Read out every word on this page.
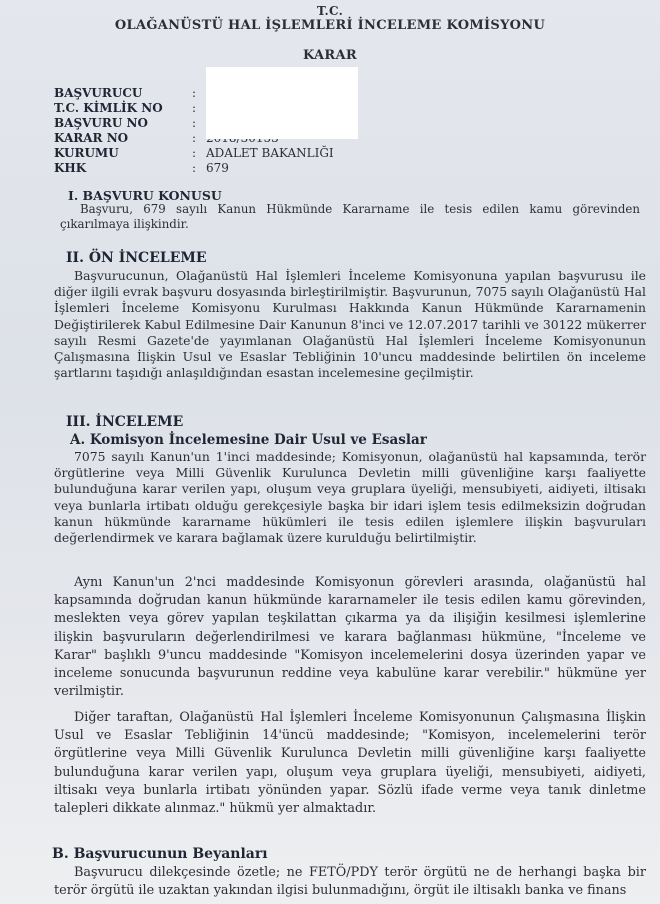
T.C.
OLAĞANÜSTÜ HAL İŞLEMLERİ İNCELEME KOMİSYONU
KARAR
BAŞVURUCU	:
T.C. KİMLİK NO	:
BAŞVURU NO	:
KARAR NO	:
KURUMU	: ADALET BAKANLIĞI
KHK	: 679
I. BAŞVURU KONUSU

Başvuru, 679 sayılı Kanun Hükmünde Kararname ile tesis edilen kamu görevinden çıkarılmaya ilişkindir.

II. ÖN İNCELEME

Başvurucunun, Olağanüstü Hal İşlemleri İnceleme Komisyonuna yapılan başvurusu ile diğer ilgili evrak başvuru dosyasında birleştirilmiştir. Başvurunun, 7075 sayılı Olağanüstü Hal İşlemleri İnceleme Komisyonu Kurulması Hakkında Kanun Hükmünde Kararnamenin Değiştirilerek Kabul Edilmesine Dair Kanunun 8'inci ve 12.07.2017 tarihli ve 30122 mükerrer sayılı Resmi Gazete'de yayımlanan Olağanüstü Hal İşlemleri İnceleme Komisyonunun Çalışmasına İlişkin Usul ve Esaslar Tebliğinin 10'uncu maddesinde belirtilen ön inceleme şartlarını taşıdığı anlaşıldığından esastan incelemesine geçilmiştir.

III. İNCELEME
A. Komisyon İncelemesine Dair Usul ve Esaslar

7075 sayılı Kanun'un 1'inci maddesinde; Komisyonun, olağanüstü hal kapsamında, terör örgütlerine veya Milli Güvenlik Kurulunca Devletin milli güvenliğine karşı faaliyette bulunduğuna karar verilen yapı, oluşum veya gruplara üyeliği, mensubiyeti, aidiyeti, iltisakı veya bunlarla irtibatı olduğu gerekçesiyle başka bir idari işlem tesis edilmeksizin doğrudan kanun hükmünde kararname hükümleri ile tesis edilen işlemlere ilişkin başvuruları değerlendirmek ve karara bağlamak üzere kurulduğu belirtilmiştir.

Aynı Kanun'un 2'nci maddesinde Komisyonun görevleri arasında, olağanüstü hal kapsamında doğrudan kanun hükmünde kararnameler ile tesis edilen kamu görevinden, meslekten veya görev yapılan teşkilattan çıkarma ya da ilişiğin kesilmesi işlemlerine ilişkin başvuruların değerlendirilmesi ve karara bağlanması hükmüne, "İnceleme ve Karar" başlıklı 9'uncu maddesinde "Komisyon incelemelerini dosya üzerinden yapar ve inceleme sonucunda başvurunun reddine veya kabulüne karar verebilir." hükmüne yer verilmiştir.

Diğer taraftan, Olağanüstü Hal İşlemleri İnceleme Komisyonunun Çalışmasına İlişkin Usul ve Esaslar Tebliğinin 14'üncü maddesinde; "Komisyon, incelemelerini terör örgütlerine veya Milli Güvenlik Kurulunca Devletin milli güvenliğine karşı faaliyette bulunduğuna karar verilen yapı, oluşum veya gruplara üyeliği, mensubiyeti, aidiyeti, iltisakı veya bunlarla irtibatı yönünden yapar. Sözlü ifade verme veya tanık dinletme talepleri dikkate alınmaz." hükmü yer almaktadır.

B. Başvurucunun Beyanları

Başvurucu dilekçesinde özetle; ne FETÖ/PDY terör örgütü ne de herhangi başka bir terör örgütü ile uzaktan yakından ilgisi bulunmadığını, örgüt ile iltisaklı banka ve finans
